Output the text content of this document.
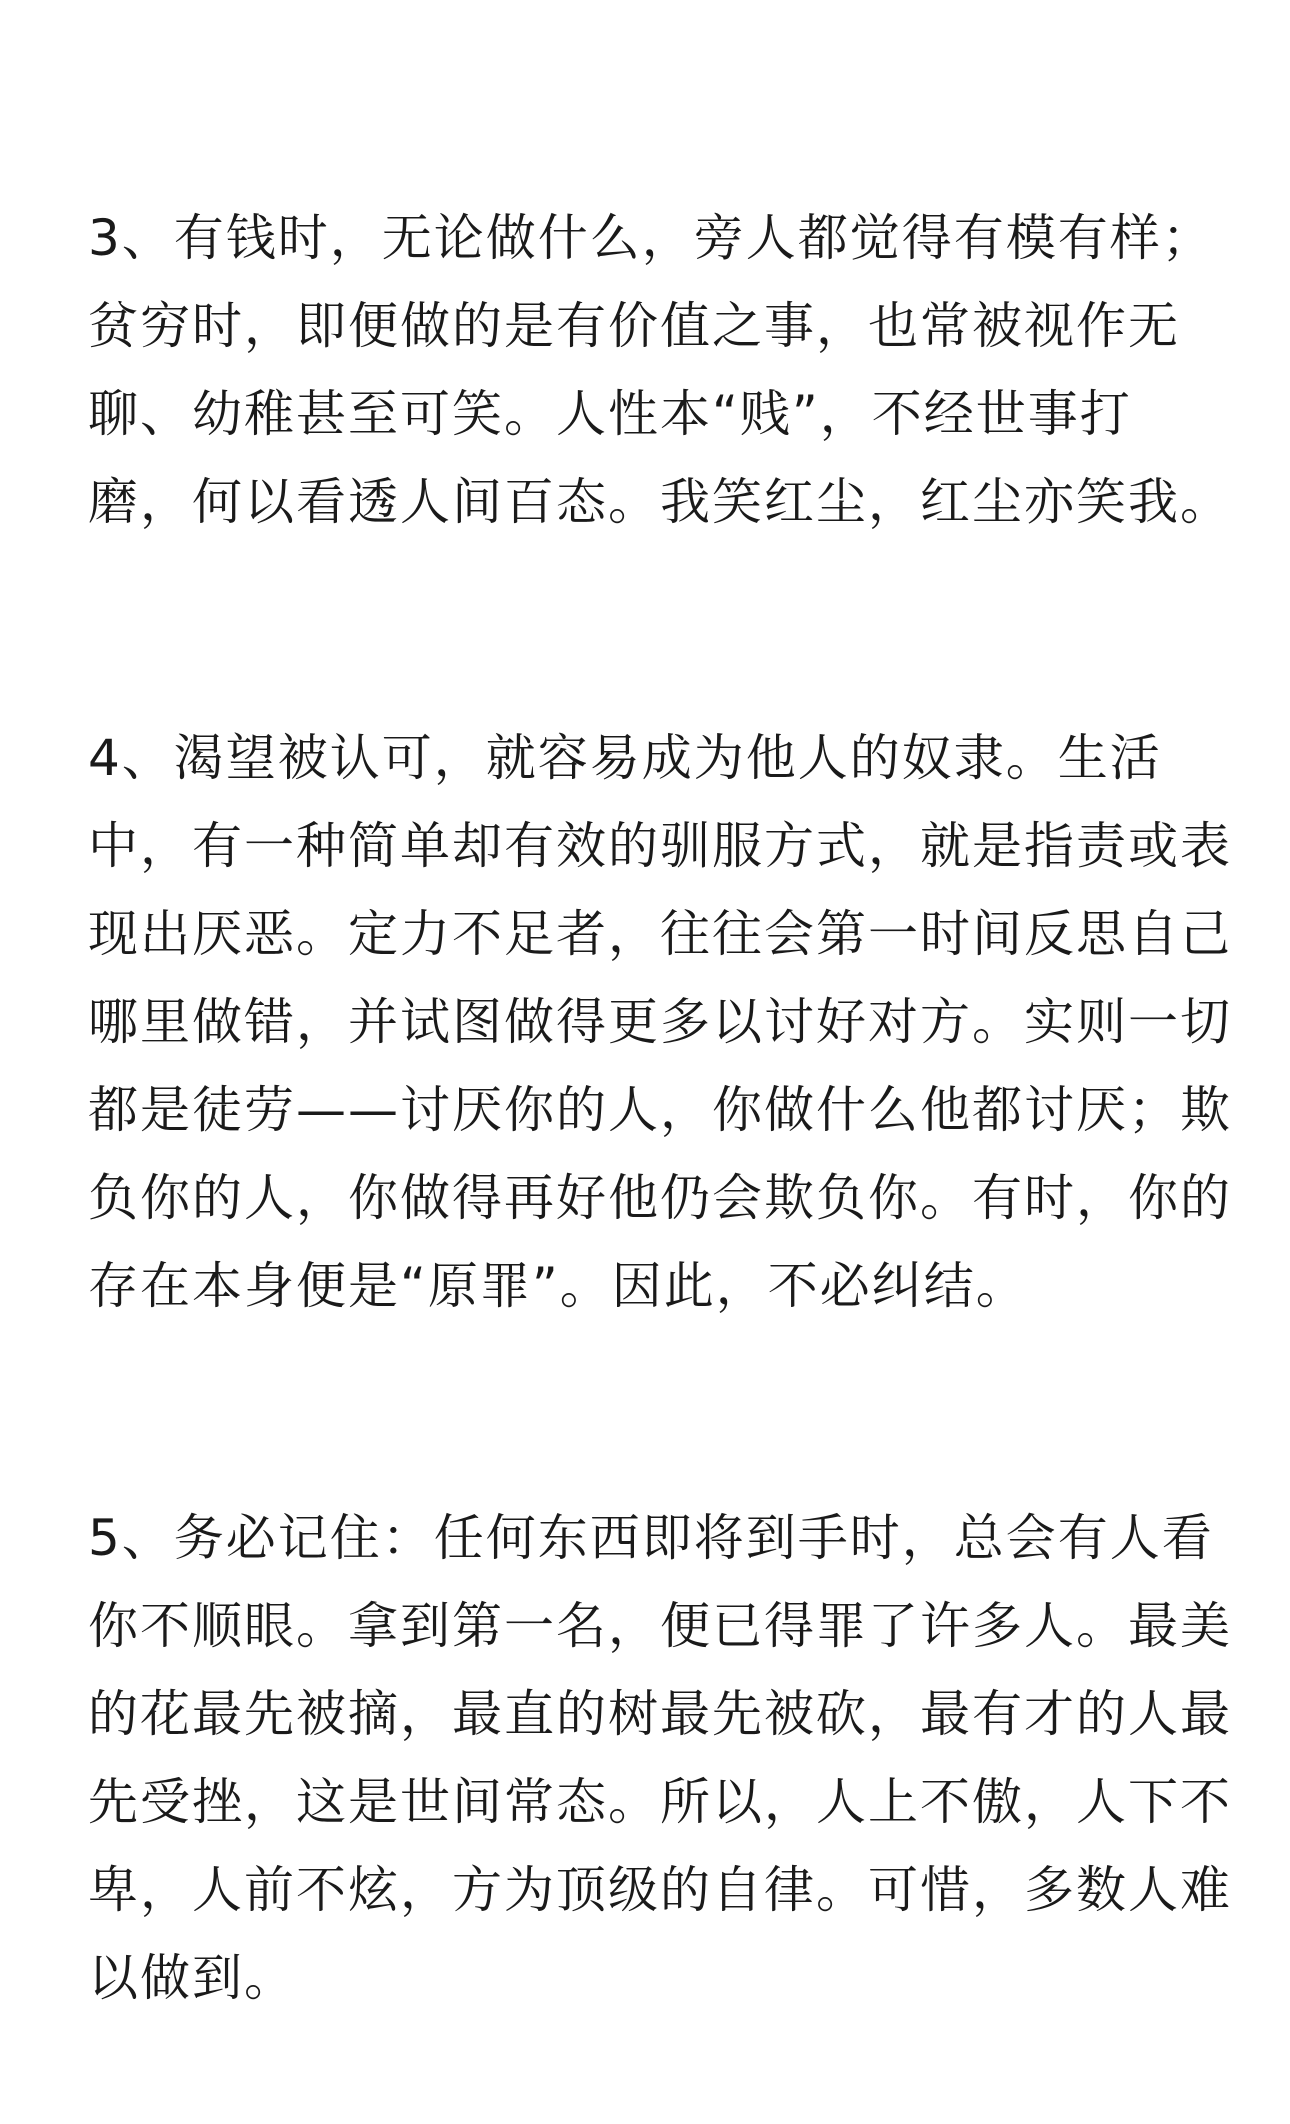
3、有钱时，无论做什么，旁人都觉得有模有样；
贫穷时，即便做的是有价值之事，也常被视作无
聊、幼稚甚至可笑。人性本“贱”，不经世事打
磨，何以看透人间百态。我笑红尘，红尘亦笑我。

4、渴望被认可，就容易成为他人的奴隶。生活
中，有一种简单却有效的驯服方式，就是指责或表
现出厌恶。定力不足者，往往会第一时间反思自己
哪里做错，并试图做得更多以讨好对方。实则一切
都是徒劳——讨厌你的人，你做什么他都讨厌；欺
负你的人，你做得再好他仍会欺负你。有时，你的
存在本身便是“原罪”。因此，不必纠结。

5、务必记住：任何东西即将到手时，总会有人看
你不顺眼。拿到第一名，便已得罪了许多人。最美
的花最先被摘，最直的树最先被砍，最有才的人最
先受挫，这是世间常态。所以，人上不傲，人下不
卑，人前不炫，方为顶级的自律。可惜，多数人难
以做到。
